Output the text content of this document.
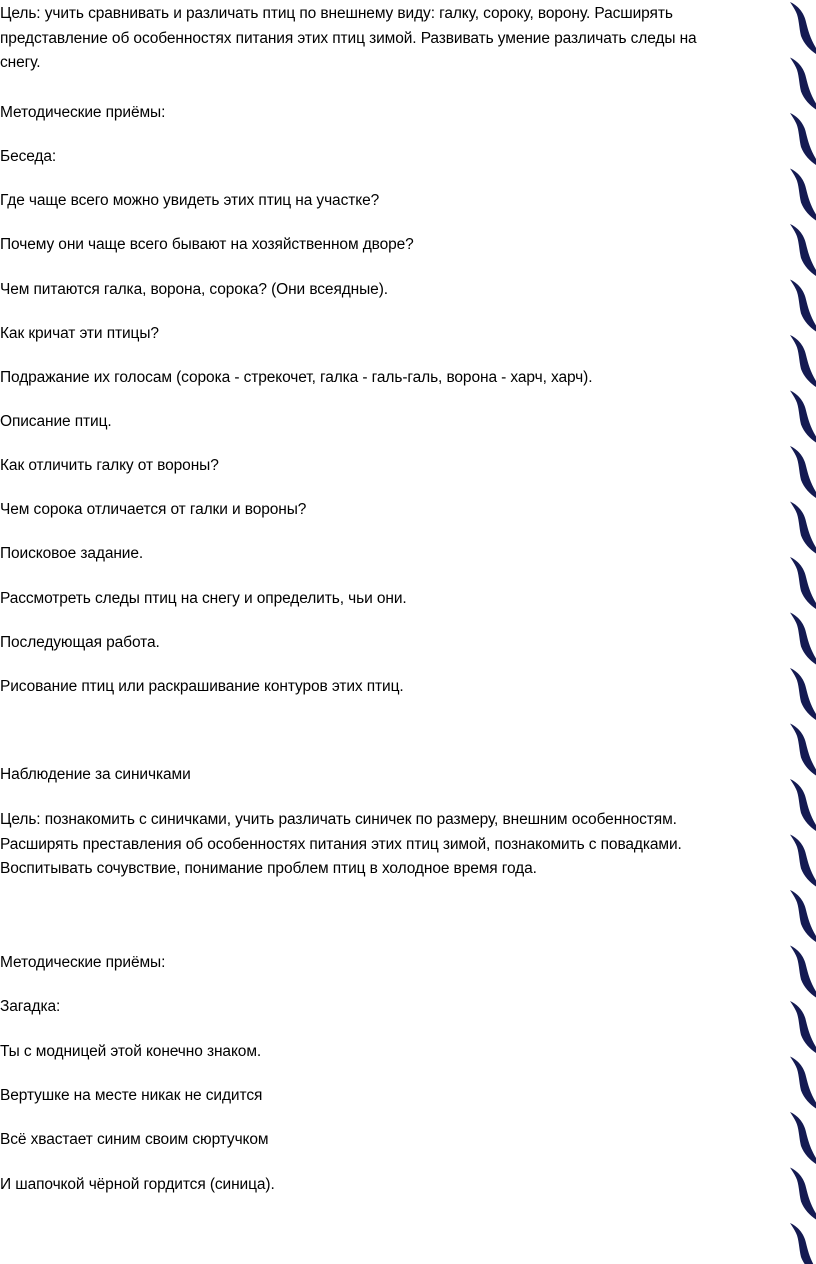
Цель: учить сравнивать и различать птиц по внешнему виду: галку, сороку, ворону. Расширять
представление об особенностях питания этих птиц зимой. Развивать умение различать следы на
снегу.

Методические приёмы:

Беседа:

Где чаще всего можно увидеть этих птиц на участке?

Почему они чаще всего бывают на хозяйственном дворе?

Чем питаются галка, ворона, сорока? (Они всеядные).

Как кричат эти птицы?

Подражание их голосам (сорока - стрекочет, галка - галь-галь, ворона - харч, харч).

Описание птиц.

Как отличить галку от вороны?

Чем сорока отличается от галки и вороны?

Поисковое задание.

Рассмотреть следы птиц на снегу и определить, чьи они.

Последующая работа.

Рисование птиц или раскрашивание контуров этих птиц.

Наблюдение за синичками

Цель: познакомить с синичками, учить различать синичек по размеру, внешним особенностям.
Расширять преставления об особенностях питания этих птиц зимой, познакомить с повадками.
Воспитывать сочувствие, понимание проблем птиц в холодное время года.

Методические приёмы:

Загадка:

Ты с модницей этой конечно знаком.

Вертушке на месте никак не сидится

Всё хвастает синим своим сюртучком

И шапочкой чёрной гордится (синица).
